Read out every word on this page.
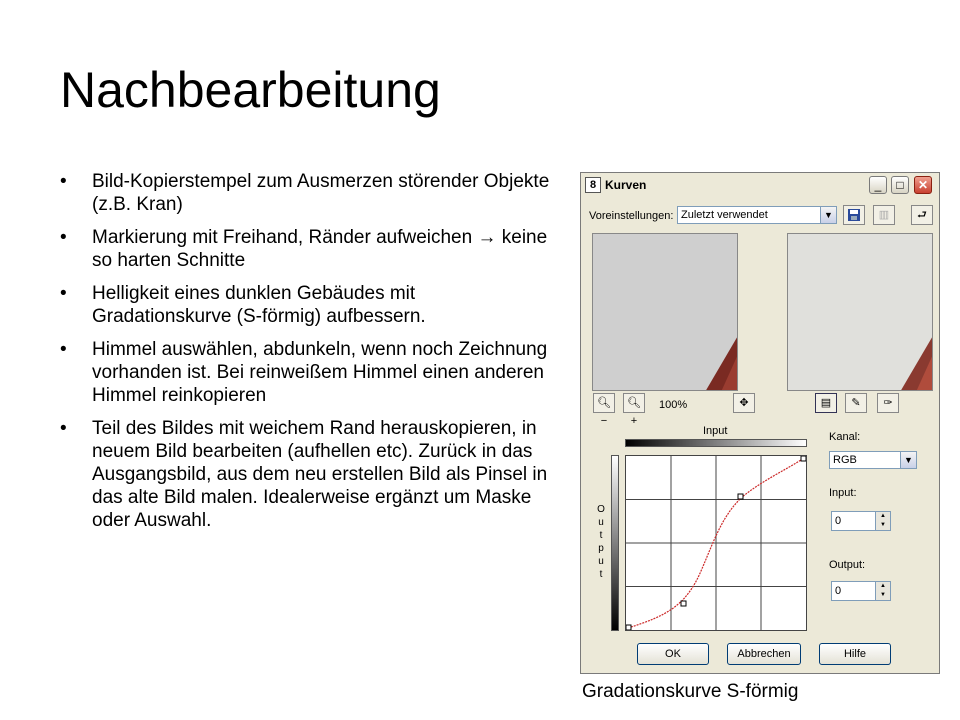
Nachbearbeitung
• Bild-Kopierstempel zum Ausmerzen störender Objekte (z.B. Kran)
• Markierung mit Freihand, Ränder aufweichen → keine so harten Schnitte
• Helligkeit eines dunklen Gebäudes mit Gradationskurve (S-förmig) aufbessern.
• Himmel auswählen, abdunkeln, wenn noch Zeichnung vorhanden ist. Bei reinweißem Himmel einen anderen Himmel reinkopieren
• Teil des Bildes mit weichem Rand herauskopieren, in neuem Bild bearbeiten (aufhellen etc). Zurück in das Ausgangsbild, aus dem neu erstellen Bild als Pinsel in das alte Bild malen. Idealerweise ergänzt um Maske oder Auswahl.
8 Kurven	_	□	✕
Voreinstellungen: Zuletzt verwendet	▼	▥	⮐
🔍︎−
🔍︎+
100%	✥	▤	✎	✑
Input
O
u
t
p
u
t
Kanal:
RGB	▼
Input:
0	▲
▼
Output:
0	▲
▼
OK	Abbrechen	Hilfe
Gradationskurve S-förmig
